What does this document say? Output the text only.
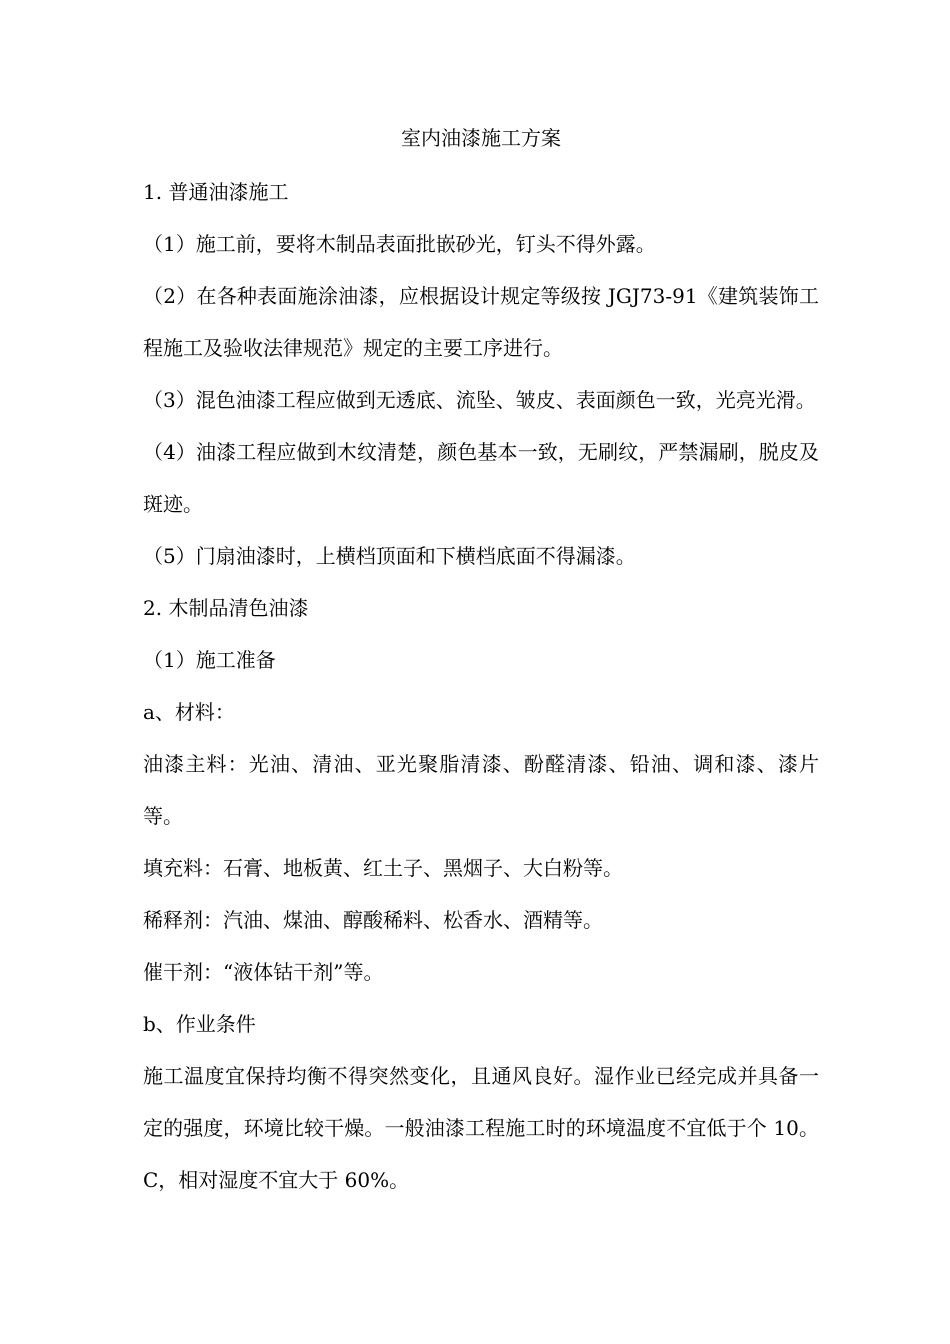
室内油漆施工方案

1. 普通油漆施工

（1）施工前，要将木制品表面批嵌砂光，钉头不得外露。

（2）在各种表面施涂油漆，应根据设计规定等级按 JGJ73-91《建筑装饰工程施工及验收法律规范》规定的主要工序进行。

（3）混色油漆工程应做到无透底、流坠、皱皮、表面颜色一致，光亮光滑。

（4）油漆工程应做到木纹清楚，颜色基本一致，无刷纹，严禁漏刷，脱皮及斑迹。

（5）门扇油漆时，上横档顶面和下横档底面不得漏漆。

2. 木制品清色油漆

（1）施工准备

a、材料：

油漆主料：光油、清油、亚光聚脂清漆、酚醛清漆、铅油、调和漆、漆片等。

填充料：石膏、地板黄、红土子、黑烟子、大白粉等。

稀释剂：汽油、煤油、醇酸稀料、松香水、酒精等。

催干剂：“液体钴干剂”等。

b、作业条件

施工温度宜保持均衡不得突然变化，且通风良好。湿作业已经完成并具备一定的强度，环境比较干燥。一般油漆工程施工时的环境温度不宜低于个 10。C，相对湿度不宜大于 60%。
